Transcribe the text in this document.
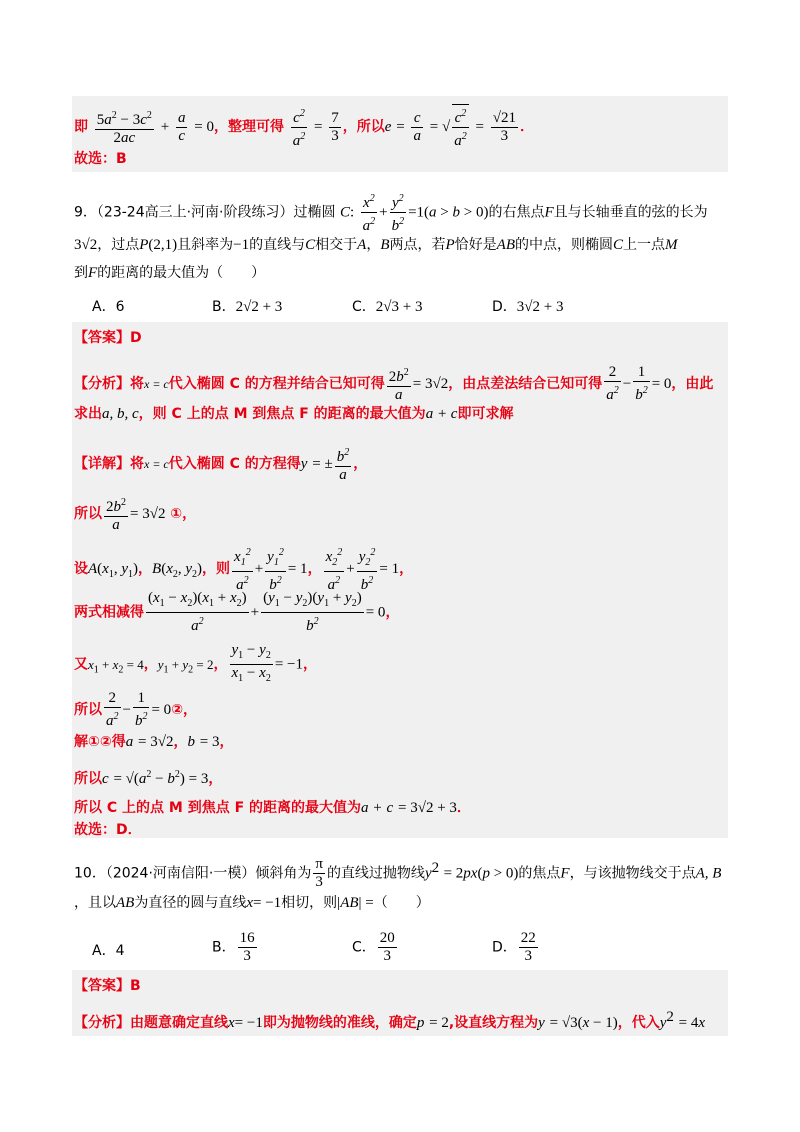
即 $\frac{5a^2 - 3c^2}{2ac} + \frac{a}{c} = 0$，整理可得 $\frac{c^2}{a^2} = \frac{7}{3}$ ，所以$e = \frac{c}{a}$ = √ $\frac{c^2}{a^2} = \frac{√21}{3}$ ．
故选：B
9．（23-24高三上·河南·阶段练习）过椭圆 C: $\frac{x^2}{a^2} + \frac{y^2}{b^2} =1(a > b > 0)$的右焦点F且与长轴垂直的弦的长为
3√2，过点P(2,1)且斜率为−1的直线与C相交于A，B两点，若P恰好是AB的中点，则椭圆C上一点M
到F的距离的最大值为（　　）
A．6	B．2√2 + 3	C．2√3 + 3	D．3√2 + 3
【答案】D
【分析】将x = c代入椭圆 C 的方程并结合已知可得 $\frac{2b^2}{a} = 3√2$，由点差法结合已知可得 $\frac{2}{a^2} - \frac{1}{b^2} = 0$，由此
求出a, b, c，则 C 上的点 M 到焦点 F 的距离的最大值为a + c即可求解
【详解】将x = c代入椭圆 C 的方程得y = ± $\frac{b^2}{a}$ ，
所以 $\frac{2b^2}{a} = 3√2$ ①，
设$A(x_1$, $y_1$)，$B(x_2$, $y_2$)，则 $\frac{x_1^2}{a^2} + \frac{y_1^2}{b^2} = 1$， $\frac{x_2^2}{a^2} + \frac{y_2^2}{b^2} = 1$，
两式相减得 $\frac{(x_1 - x_2)(x_1 + x_2)}{a^2} + \frac{(y_1 - y_2)(y_1 + y_2)}{b^2} = 0$，
又$x_1 + x_2 = 4$，$y_1 + y_2 = 2$， $\frac{y_1 - y_2}{x_1 - x_2} = -1$，
所以 $\frac{2}{a^2} - \frac{1}{b^2}$ = 0②，
解①②得a = 3√2，b = 3，
所以$c = √(a^2 - b^2) = 3$，
所以 C 上的点 M 到焦点 F 的距离的最大值为a + c = 3√2 + 3．
故选：D．
10．（2024·河南信阳·一模）倾斜角为 $\frac{\pi}{3}$ 的直线过抛物线$y^2 = 2px(p > 0)$的焦点F，与该抛物线交于点A, B
，且以AB为直径的圆与直线x= −1相切，则|AB| =（　　）
A．4	B． $\frac{16}{3}$	C． $\frac{20}{3}$	D． $\frac{22}{3}$
【答案】B
【分析】由题意确定直线x= −1即为抛物线的准线，确定p = 2,设直线方程为y = √3(x − 1)，代入$y^2 = 4x$
